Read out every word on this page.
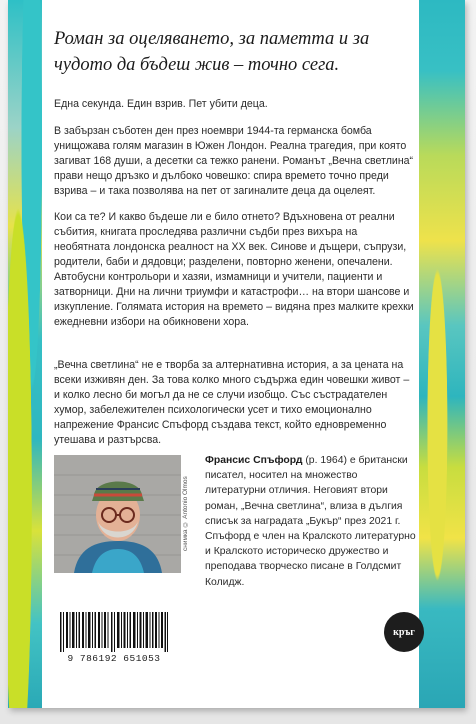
Роман за оцеляването, за паметта и за чудото да бъдеш жив – точно сега.
Една секунда. Един взрив. Пет убити деца.
В забързан съботен ден през ноември 1944-та германска бомба унищожава голям магазин в Южен Лондон. Реална трагедия, при която загиват 168 души, а десетки са тежко ранени. Романът „Вечна светлина“ прави нещо дръзко и дълбоко човешко: спира времето точно преди взрива – и така позволява на пет от загиналите деца да оцелеят.
Кои са те? И какво бъдеше ли е било отнето? Вдъхновена от реални събития, книгата проследява различни съдби през вихъра на необятната лондонска реалност на ХХ век. Синове и дъщери, съпрузи, родители, баби и дядовци; разделени, повторно женени, опечалени. Автобусни контрольори и хазяи, измамници и учители, пациенти и затворници. Дни на лични триумфи и катастрофи… на втори шансове и изкупление. Голямата история на времето – видяна през малките крехки ежедневни избори на обикновени хора.
„Вечна светлина“ не е творба за алтернативна история, а за цената на всеки изживян ден. За това колко много съдържа един човешки живот – и колко лесно би могъл да не се случи изобщо. Със състрадателен хумор, забележителен психологически усет и тихо емоционално напрежение Франсис Спъфорд създава текст, който едновременно утешава и разтърсва.
снимка © Antonio Olmos
Франсис Спъфорд (р. 1964) е британски писател, носител на множество литературни отличия. Неговият втори роман, „Вечна светлина“, влиза в дългия списък за наградата „Букър“ през 2021 г. Спъфорд е член на Кралското литературно и Кралското историческо дружество и преподава творческо писане в Голдсмит Колидж.
9 786192 651053
кръг
